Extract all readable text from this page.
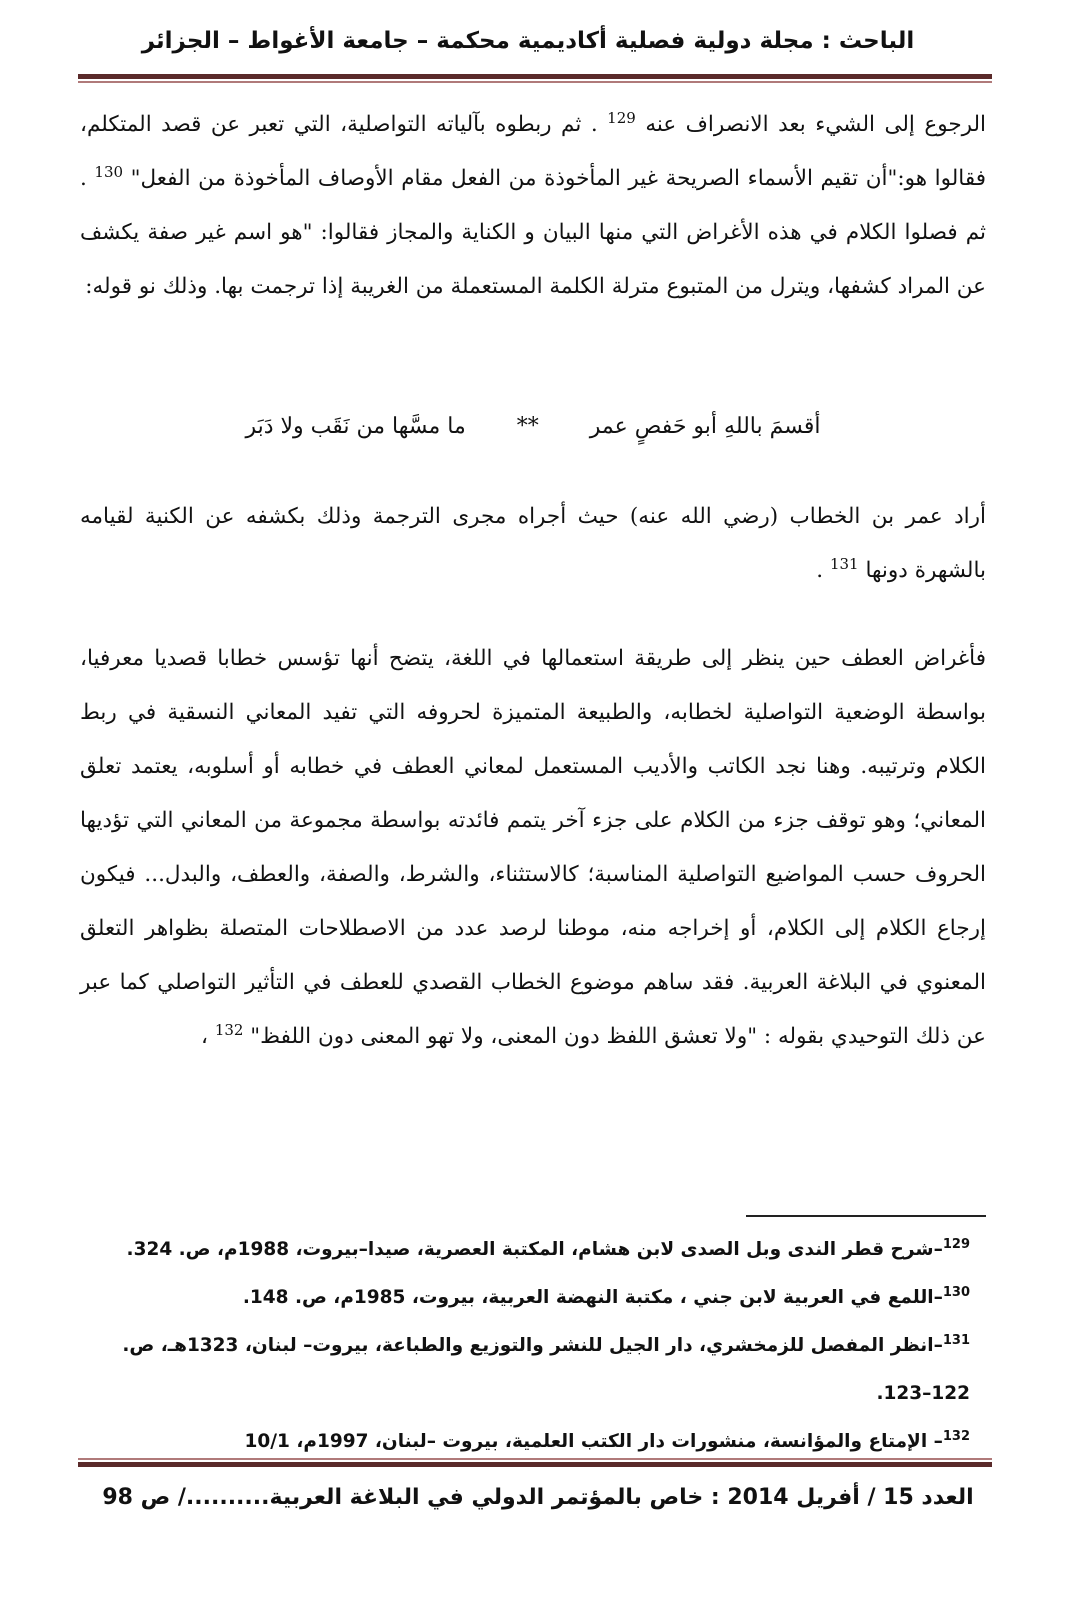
الباحث : مجلة دولية فصلية أكاديمية محكمة – جامعة الأغواط – الجزائر

الرجوع إلى الشيء بعد الانصراف عنه $^{129}$ . ثم ربطوه بآلياته التواصلية، التي تعبر عن قصد المتكلم، فقالوا هو:"أن تقيم الأسماء الصريحة غير المأخوذة من الفعل مقام الأوصاف المأخوذة من الفعل" $^{130}$ . ثم فصلوا الكلام في هذه الأغراض التي منها البيان و الكناية والمجاز فقالوا: "هو اسم غير صفة يكشف عن المراد كشفها، ويترل من المتبوع مترلة الكلمة المستعملة من الغريبة إذا ترجمت بها. وذلك نو قوله:

أقسمَ باللهِ أبو حَفصٍ عمر ** ما مسَّها من نَقَب ولا دَبَر

أراد عمر بن الخطاب (رضي الله عنه) حيث أجراه مجرى الترجمة وذلك بكشفه عن الكنية لقيامه بالشهرة دونها $^{131}$ .

فأغراض العطف حين ينظر إلى طريقة استعمالها في اللغة، يتضح أنها تؤسس خطابا قصديا معرفيا، بواسطة الوضعية التواصلية لخطابه، والطبيعة المتميزة لحروفه التي تفيد المعاني النسقية في ربط الكلام وترتيبه. وهنا نجد الكاتب والأديب المستعمل لمعاني العطف في خطابه أو أسلوبه، يعتمد تعلق المعاني؛ وهو توقف جزء من الكلام على جزء آخر يتمم فائدته بواسطة مجموعة من المعاني التي تؤديها الحروف حسب المواضيع التواصلية المناسبة؛ كالاستثناء، والشرط، والصفة، والعطف، والبدل... فيكون إرجاع الكلام إلى الكلام، أو إخراجه منه، موطنا لرصد عدد من الاصطلاحات المتصلة بظواهر التعلق المعنوي في البلاغة العربية. فقد ساهم موضوع الخطاب القصدي للعطف في التأثير التواصلي كما عبر عن ذلك التوحيدي بقوله : "ولا تعشق اللفظ دون المعنى، ولا تهو المعنى دون اللفظ" $^{132}$ ،

$^{129}$–شرح قطر الندى وبل الصدى لابن هشام، المكتبة العصرية، صيدا–بيروت، 1988م، ص. 324.

$^{130}$–اللمع في العربية لابن جني ، مكتبة النهضة العربية، بيروت، 1985م، ص. 148.

$^{131}$–انظر المفصل للزمخشري، دار الجيل للنشر والتوزيع والطباعة، بيروت– لبنان، 1323هـ، ص. 122–123.

$^{132}$– الإمتاع والمؤانسة، منشورات دار الكتب العلمية، بيروت –لبنان، 1997م، 10/1

العدد 15 / أفريل 2014 : خاص بالمؤتمر الدولي في البلاغة العربية........../ ص 98
